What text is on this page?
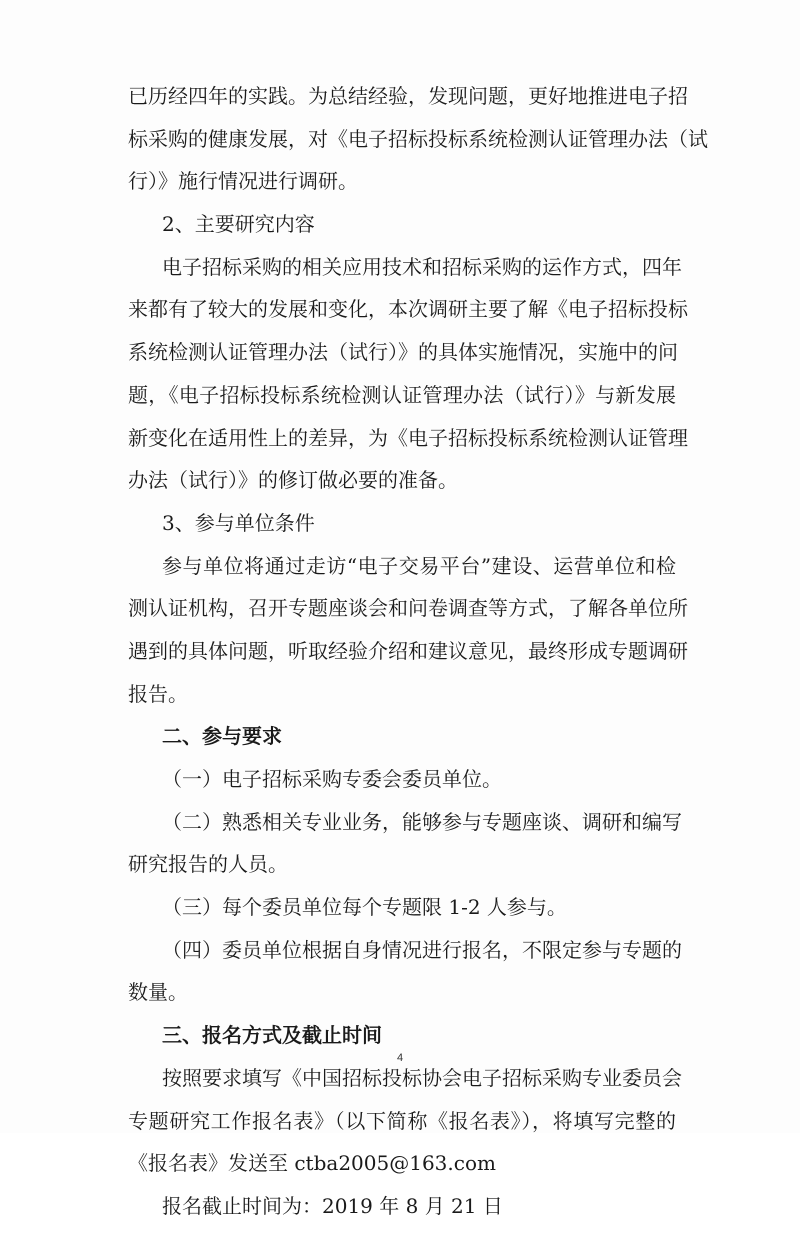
已历经四年的实践。为总结经验，发现问题，更好地推进电子招
标采购的健康发展，对《电子招标投标系统检测认证管理办法（试
行）》施行情况进行调研。
2、主要研究内容
电子招标采购的相关应用技术和招标采购的运作方式，四年
来都有了较大的发展和变化，本次调研主要了解《电子招标投标
系统检测认证管理办法（试行）》的具体实施情况，实施中的问
题，《电子招标投标系统检测认证管理办法（试行）》与新发展
新变化在适用性上的差异，为《电子招标投标系统检测认证管理
办法（试行）》的修订做必要的准备。
3、参与单位条件
参与单位将通过走访“电子交易平台”建设、运营单位和检
测认证机构，召开专题座谈会和问卷调查等方式，了解各单位所
遇到的具体问题，听取经验介绍和建议意见，最终形成专题调研
报告。
二、参与要求
（一）电子招标采购专委会委员单位。
（二）熟悉相关专业业务，能够参与专题座谈、调研和编写
研究报告的人员。
（三）每个委员单位每个专题限 1-2 人参与。
（四）委员单位根据自身情况进行报名，不限定参与专题的
数量。
三、报名方式及截止时间
按照要求填写《中国招标投标协会电子招标采购专业委员会
专题研究工作报名表》（以下简称《报名表》），将填写完整的
《报名表》发送至 ctba2005@163.com
报名截止时间为：2019 年 8 月 21 日
4
